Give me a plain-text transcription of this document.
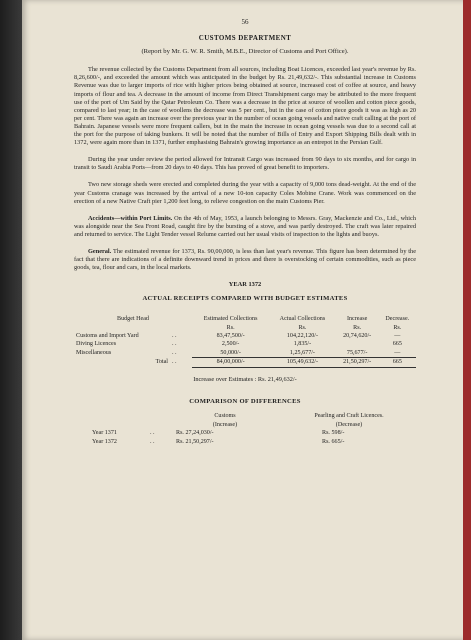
56
CUSTOMS DEPARTMENT
(Report by Mr. G. W. R. Smith, M.B.E., Director of Customs and Port Office).

The revenue collected by the Customs Department from all sources, including Boat Licences, exceeded last year's revenue by Rs. 8,26,600/-, and exceeded the amount which was anticipated in the budget by Rs. 21,49,632/-. This substantial increase in Customs Revenue was due to larger imports of rice with higher prices being obtained at source, increased cost of coffee at source, and heavy imports of flour and tea. A decrease in the amount of income from Direct Transhipment cargo may be attributed to the more frequent use of the port of Um Said by the Qatar Petroleum Co. There was a decrease in the price at source of woollen and cotton piece goods, compared to last year; in the case of woollens the decrease was 5 per cent., but in the case of cotton piece goods it was as high as 20 per cent. There was again an increase over the previous year in the number of ocean going vessels and native craft calling at the port of Bahrain. Japanese vessels were more frequent callers, but in the main the increase in ocean going vessels was due to a second call at the port for the purpose of taking bunkers. It will be noted that the number of Bills of Entry and Export Shipping Bills dealt with in 1372, were again more than in 1371, further emphasising Bahrain's growing importance as an entrepot in the Persian Gulf.

During the year under review the period allowed for Intransit Cargo was increased from 90 days to six months, and for cargo in transit to Saudi Arabia Ports—from 20 days to 40 days. This has proved of great benefit to importers.

Two new storage sheds were erected and completed during the year with a capacity of 9,000 tons dead-weight. At the end of the year Customs cranage was increased by the arrival of a new 10-ton capacity Coles Mobine Crane. Work was commenced on the erection of a new Native Craft pier 1,200 feet long, to relieve congestion on the main Customs Pier.

Accidents—within Port Limits. On the 4th of May, 1953, a launch belonging to Messrs. Gray, Mackenzie and Co., Ltd., which was alongside near the Sea Front Road, caught fire by the bursting of a stove, and was partly destroyed. The craft was later repaired and returned to service. The Light Tender vessel Relume carried out her usual visits of inspection to the lights and buoys.

General. The estimated revenue for 1373, Rs. 90,00,000, is less than last year's revenue. This figure has been determined by the fact that there are indications of a definite downward trend in prices and there is overstocking of certain commodities, such as piece goods, tea, flour and cars, in the local markets.

YEAR 1372
ACTUAL RECEIPTS COMPARED WITH BUDGET ESTIMATES
Budget Head		Estimated Collections	Actual Collections	Increase	Decrease.
		Rs.	Rs.	Rs.	Rs.
Customs and Import Yard	. .	83,47,500/-	104,22,120/-	20,74,620/-	—
Diving Licences	. .	2,500/-	1,835/-		665
Miscellaneous	. .	50,000/-	1,25,677/-	75,677/-	—
Total	. .	84,00,000/-	105,49,632/-	21,50,297/-	665
Increase over Estimates : Rs. 21,49,632/-
COMPARISON OF DIFFERENCES
		Customs	Pearling and Craft Licences.
		(Increase)	(Decrease)
Year 1371	. .	Rs. 27,24,030/-	Rs. 598/-
Year 1372	. .	Rs. 21,50,297/-	Rs. 665/-
